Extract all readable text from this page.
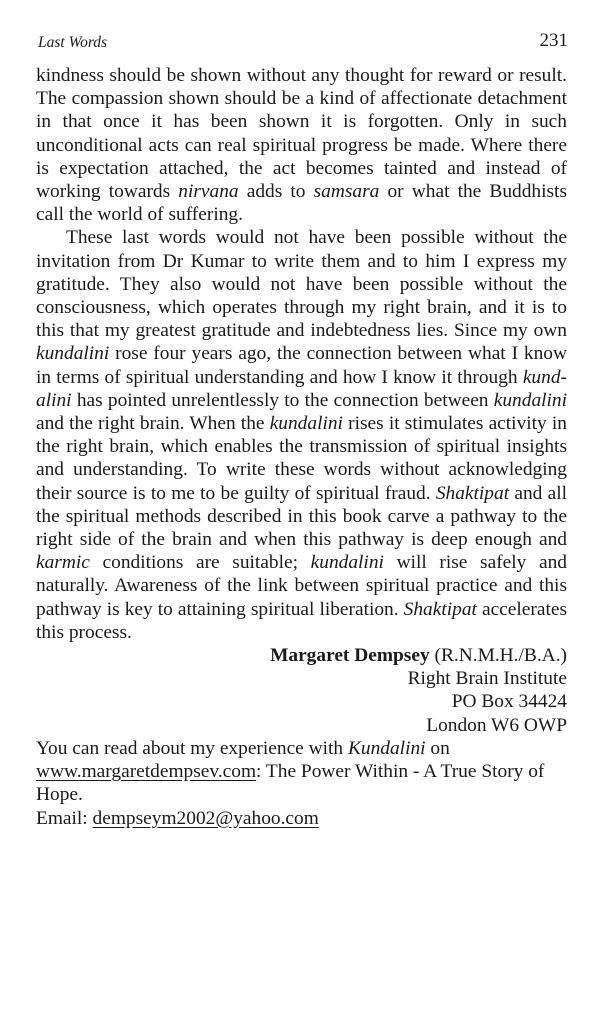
Last Words	231

kindness should be shown without any thought for reward or result. The compassion shown should be a kind of affectionate detachment in that once it has been shown it is forgotten. Only in such unconditional acts can real spiritual progress be made. Where there is expectation attached, the act becomes tainted and instead of working towards nirvana adds to samsara or what the Buddhists call the world of suffering.

These last words would not have been possible without the invitation from Dr Kumar to write them and to him I express my gratitude. They also would not have been possible without the consciousness, which operates through my right brain, and it is to this that my greatest gratitude and indebtedness lies. Since my own kundalini rose four years ago, the connection between what I know in terms of spiritual understanding and how I know it through kundalini has pointed unrelentlessly to the connection between kundalini and the right brain. When the kundalini rises it stimulates activity in the right brain, which enables the transmission of spiritual insights and understanding. To write these words without acknowledging their source is to me to be guilty of spiritual fraud. Shaktipat and all the spiritual methods described in this book carve a pathway to the right side of the brain and when this pathway is deep enough and karmic conditions are suitable; kundalini will rise safely and naturally. Awareness of the link between spiritual practice and this pathway is key to attaining spiritual liberation. Shaktipat accelerates this process.

Margaret Dempsey (R.N.M.H./B.A.)

Right Brain Institute

PO Box 34424

London W6 OWP

You can read about my experience with Kundalini on www.margaretdempsev.com: The Power Within - A True Story of Hope.

Email: dempseym2002@yahoo.com
